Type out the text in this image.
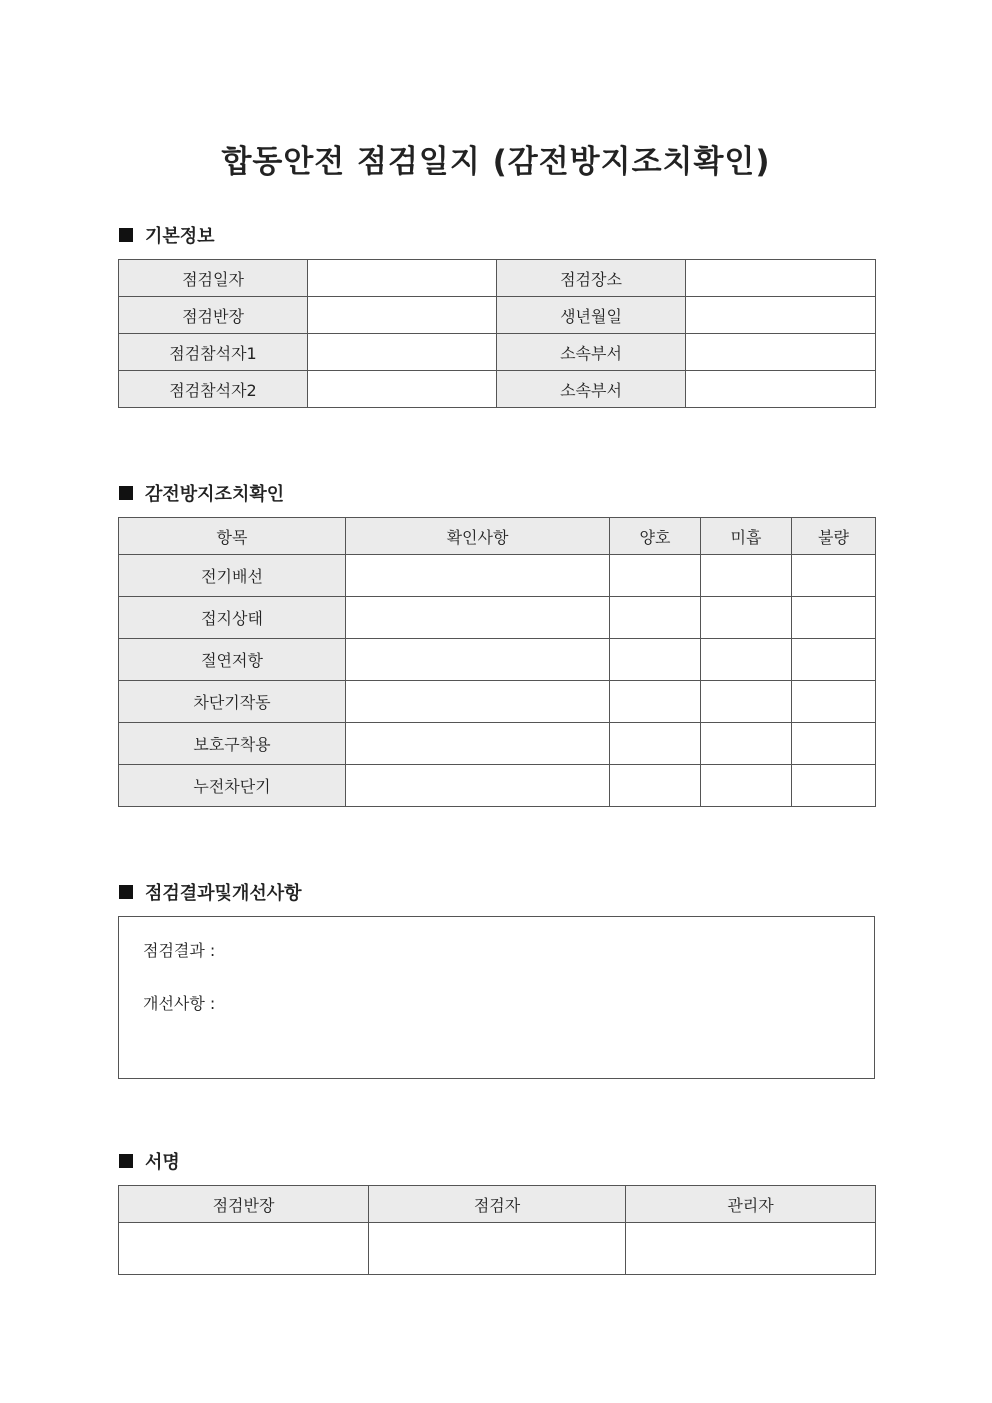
합동안전 점검일지 (감전방지조치확인)
기본정보
점검일자		점검장소	
점검반장		생년월일	
점검참석자1		소속부서	
점검참석자2		소속부서	
감전방지조치확인
항목	확인사항	양호	미흡	불량
전기배선				
접지상태				
절연저항				
차단기작동				
보호구착용				
누전차단기				
점검결과및개선사항
점검결과 :
개선사항 :
서명
점검반장	점검자	관리자
